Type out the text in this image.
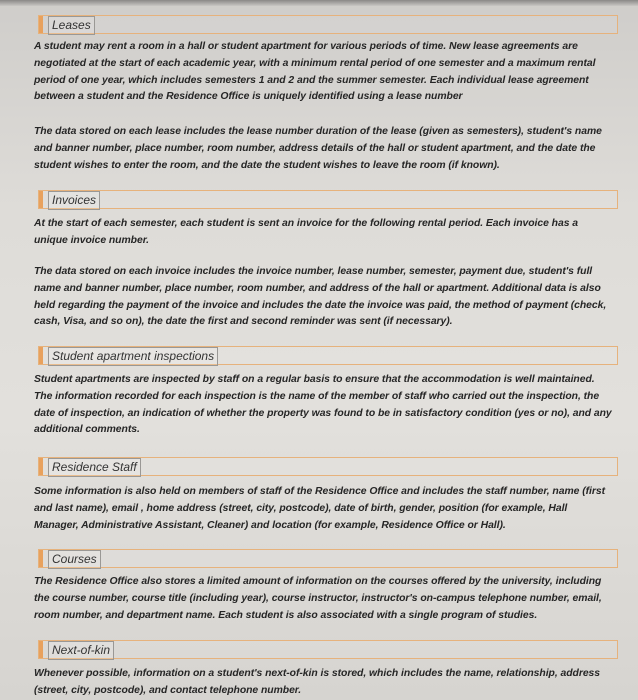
Leases

A student may rent a room in a hall or student apartment for various periods of time. New lease agreements are negotiated at the start of each academic year, with a minimum rental period of one semester and a maximum rental period of one year, which includes semesters 1 and 2 and the summer semester. Each individual lease agreement between a student and the Residence Office is uniquely identified using a lease number

The data stored on each lease includes the lease number duration of the lease (given as semesters), student's name and banner number, place number, room number, address details of the hall or student apartment, and the date the student wishes to enter the room, and the date the student wishes to leave the room (if known).

Invoices

At the start of each semester, each student is sent an invoice for the following rental period. Each invoice has a unique invoice number.

The data stored on each invoice includes the invoice number, lease number, semester, payment due, student's full name and banner number, place number, room number, and address of the hall or apartment. Additional data is also held regarding the payment of the invoice and includes the date the invoice was paid, the method of payment (check, cash, Visa, and so on), the date the first and second reminder was sent (if necessary).

Student apartment inspections

Student apartments are inspected by staff on a regular basis to ensure that the accommodation is well maintained. The information recorded for each inspection is the name of the member of staff who carried out the inspection, the date of inspection, an indication of whether the property was found to be in satisfactory condition (yes or no), and any additional comments.

Residence Staff

Some information is also held on members of staff of the Residence Office and includes the staff number, name (first and last name), email , home address (street, city, postcode), date of birth, gender, position (for example, Hall Manager, Administrative Assistant, Cleaner) and location (for example, Residence Office or Hall).

Courses

The Residence Office also stores a limited amount of information on the courses offered by the university, including the course number, course title (including year), course instructor, instructor's on-campus telephone number, email, room number, and department name. Each student is also associated with a single program of studies.

Next-of-kin

Whenever possible, information on a student's next-of-kin is stored, which includes the name, relationship, address (street, city, postcode), and contact telephone number.
